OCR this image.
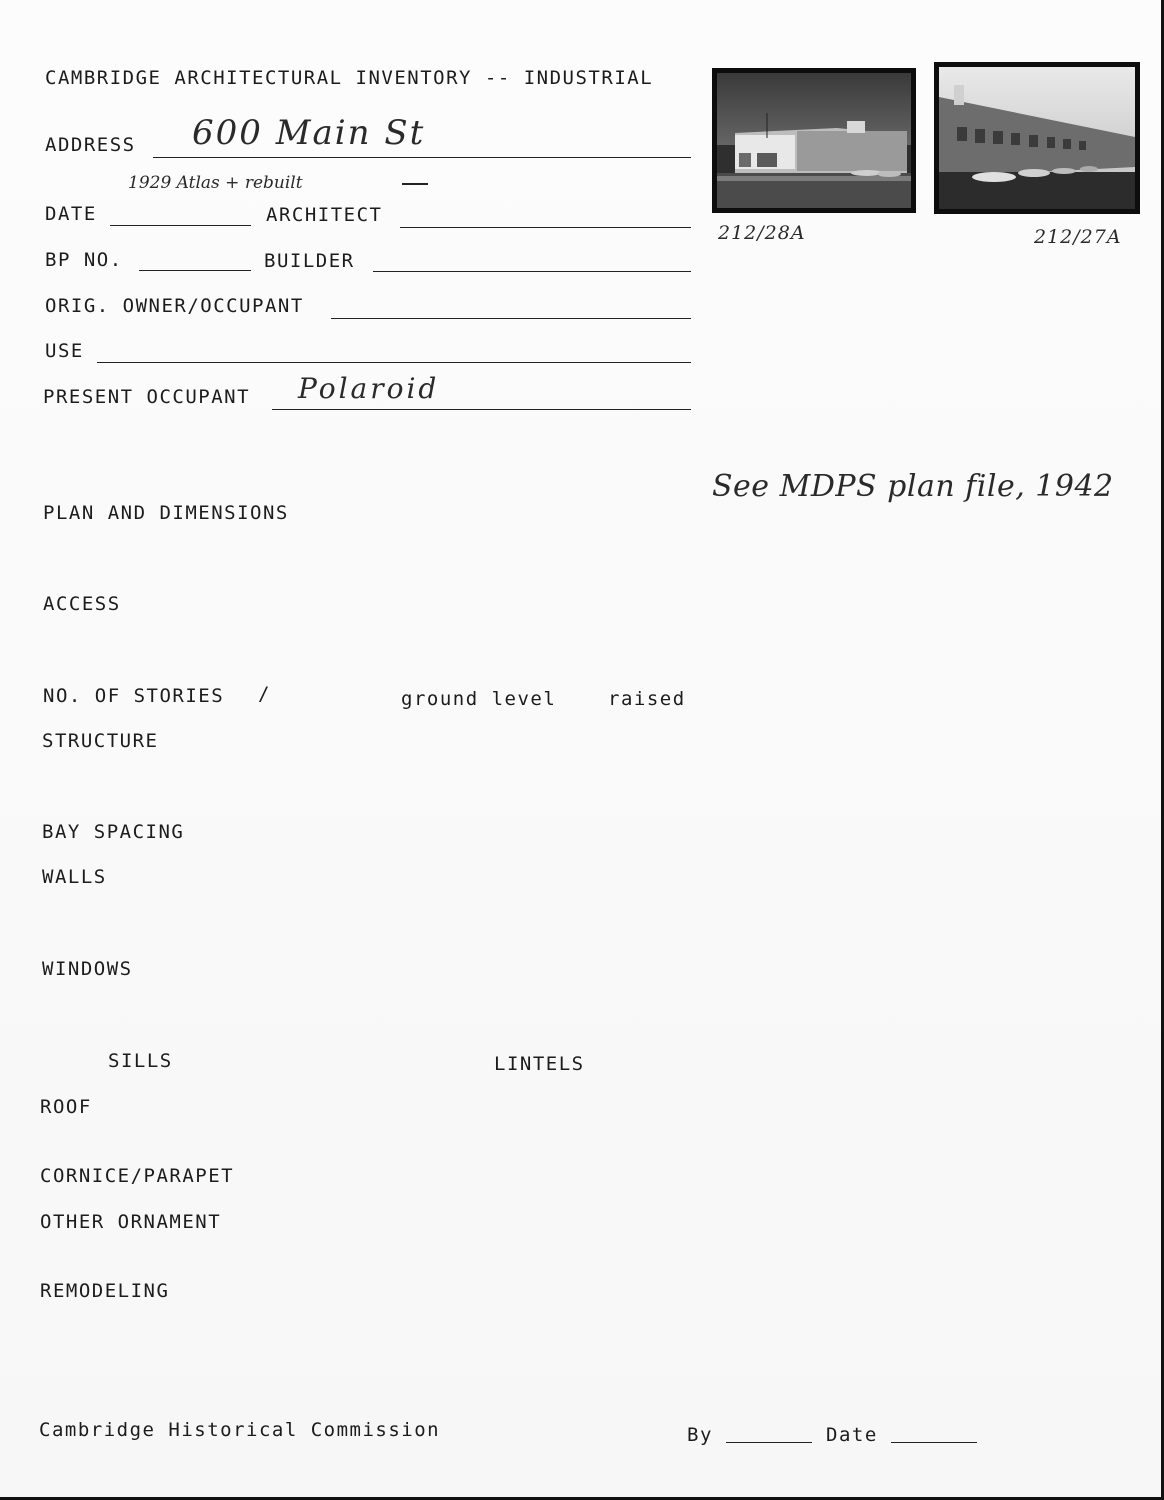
CAMBRIDGE ARCHITECTURAL INVENTORY -- INDUSTRIAL
ADDRESS 600 Main St
1929 Atlas + rebuilt
DATE	ARCHITECT
BP NO.	BUILDER
ORIG. OWNER/OCCUPANT
USE
PRESENT OCCUPANT Polaroid
212/28A	212/27A
See MDPS plan file, 1942
PLAN AND DIMENSIONS
ACCESS
NO. OF STORIES /	ground level	raised
STRUCTURE
BAY SPACING
WALLS
WINDOWS
SILLS	LINTELS
ROOF
CORNICE/PARAPET
OTHER ORNAMENT
REMODELING
Cambridge Historical Commission	By	Date
